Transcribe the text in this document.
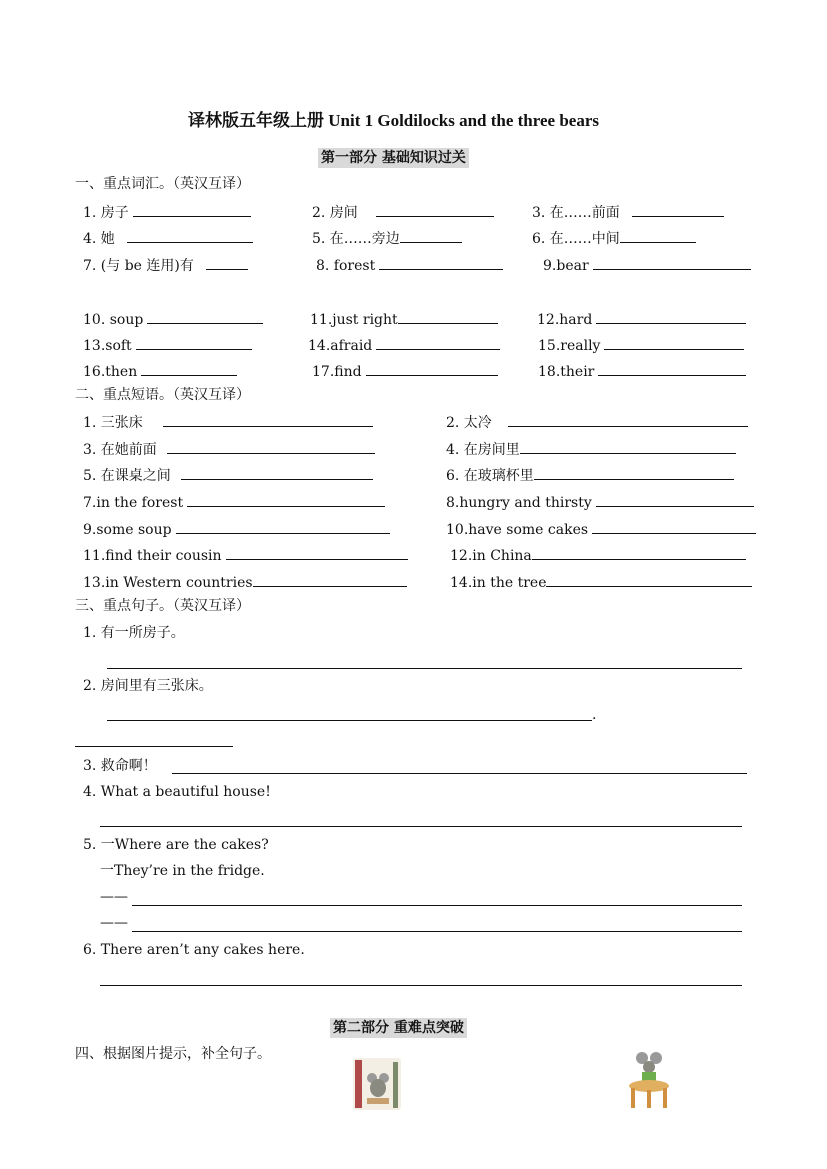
译林版五年级上册 Unit 1 Goldilocks and the three bears
第一部分 基础知识过关
一、重点词汇。（英汉互译）
1. 房子	2. 房间	3. 在……前面
4. 她	5. 在……旁边	6. 在……中间
7. (与 be 连用)有	8. forest	9.bear
10. soup	11.just right	12.hard
13.soft	14.afraid	15.really
16.then	17.find	18.their
二、重点短语。（英汉互译）
1. 三张床	2. 太冷
3. 在她前面	4. 在房间里
5. 在课桌之间	6. 在玻璃杯里
7.in the forest	8.hungry and thirsty
9.some soup	10.have some cakes
11.find their cousin	12.in China
13.in Western countries	14.in the tree
三、重点句子。（英汉互译）
1. 有一所房子。
2. 房间里有三张床。
.
3. 救命啊！
4. What a beautiful house!
5. 一Where are the cakes?
一They’re in the fridge.
——
——
6. There aren’t any cakes here.
第二部分 重难点突破
四、根据图片提示，补全句子。
